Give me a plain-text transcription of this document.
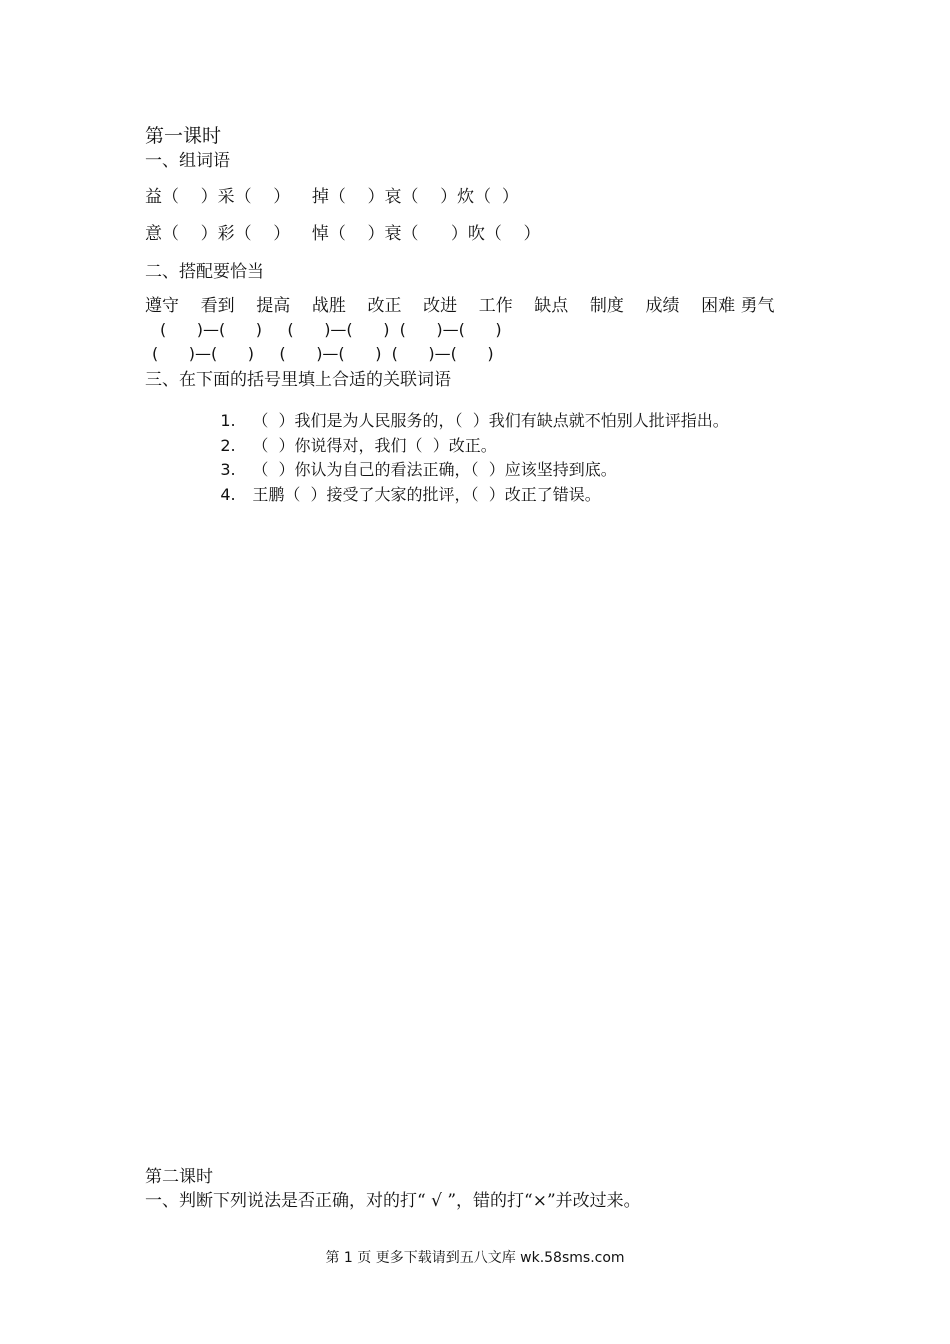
第一课时
一、组词语
益（    ）采（    ）    掉（    ）哀（    ）炊（  ）
意（    ）彩（    ）    悼（    ）衰（      ）吹（    ）
二、搭配要恰当
遵守    看到    提高    战胜    改正    改进    工作    缺点    制度    成绩    困难 勇气
(      )—(      )     (      )—(      )  (      )—(      )
(      )—(      )     (      )—(      )  (      )—(      )
三、在下面的括号里填上合适的关联词语

1. （  ）我们是为人民服务的，（  ）我们有缺点就不怕别人批评指出。

2. （  ）你说得对，我们（  ）改正。

3. （  ）你认为自己的看法正确，（  ）应该坚持到底。

4. 王鹏（  ）接受了大家的批评，（  ）改正了错误。

第二课时
一、判断下列说法是否正确，对的打“ √ ”，错的打“×”并改过来。
第 1 页 更多下载请到五八文库 wk.58sms.com
